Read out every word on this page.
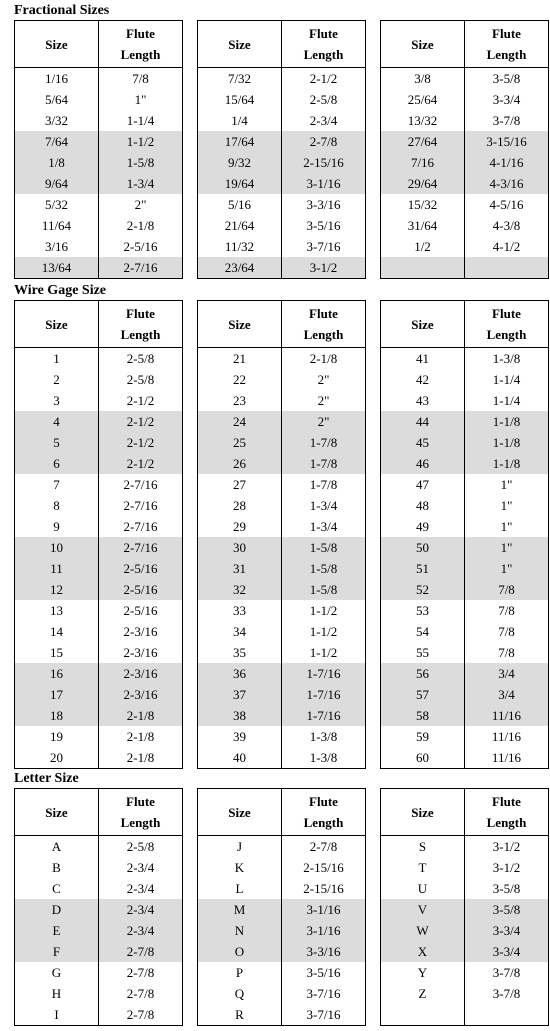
Fractional Sizes
Size	Flute
Length

1/16	7/8
5/64	1"
3/32	1-1/4
7/64	1-1/2
1/8	1-5/8
9/64	1-3/4
5/32	2"
11/64	2-1/8
3/16	2-5/16
13/64	2-7/16
Size	Flute
Length

7/32	2-1/2
15/64	2-5/8
1/4	2-3/4
17/64	2-7/8
9/32	2-15/16
19/64	3-1/16
5/16	3-3/16
21/64	3-5/16
11/32	3-7/16
23/64	3-1/2
Size	Flute
Length

3/8	3-5/8
25/64	3-3/4
13/32	3-7/8
27/64	3-15/16
7/16	4-1/16
29/64	4-3/16
15/32	4-5/16
31/64	4-3/8
1/2	4-1/2

Wire Gage Size
Size	Flute
Length

1	2-5/8
2	2-5/8
3	2-1/2
4	2-1/2
5	2-1/2
6	2-1/2
7	2-7/16
8	2-7/16
9	2-7/16
10	2-7/16
11	2-5/16
12	2-5/16
13	2-5/16
14	2-3/16
15	2-3/16
16	2-3/16
17	2-3/16
18	2-1/8
19	2-1/8
20	2-1/8
Size	Flute
Length

21	2-1/8
22	2"
23	2"
24	2"
25	1-7/8
26	1-7/8
27	1-7/8
28	1-3/4
29	1-3/4
30	1-5/8
31	1-5/8
32	1-5/8
33	1-1/2
34	1-1/2
35	1-1/2
36	1-7/16
37	1-7/16
38	1-7/16
39	1-3/8
40	1-3/8
Size	Flute
Length

41	1-3/8
42	1-1/4
43	1-1/4
44	1-1/8
45	1-1/8
46	1-1/8
47	1"
48	1"
49	1"
50	1"
51	1"
52	7/8
53	7/8
54	7/8
55	7/8
56	3/4
57	3/4
58	11/16
59	11/16
60	11/16
Letter Size
Size	Flute
Length

A	2-5/8
B	2-3/4
C	2-3/4
D	2-3/4
E	2-3/4
F	2-7/8
G	2-7/8
H	2-7/8
I	2-7/8
Size	Flute
Length

J	2-7/8
K	2-15/16
L	2-15/16
M	3-1/16
N	3-1/16
O	3-3/16
P	3-5/16
Q	3-7/16
R	3-7/16
Size	Flute
Length

S	3-1/2
T	3-1/2
U	3-5/8
V	3-5/8
W	3-3/4
X	3-3/4
Y	3-7/8
Z	3-7/8
